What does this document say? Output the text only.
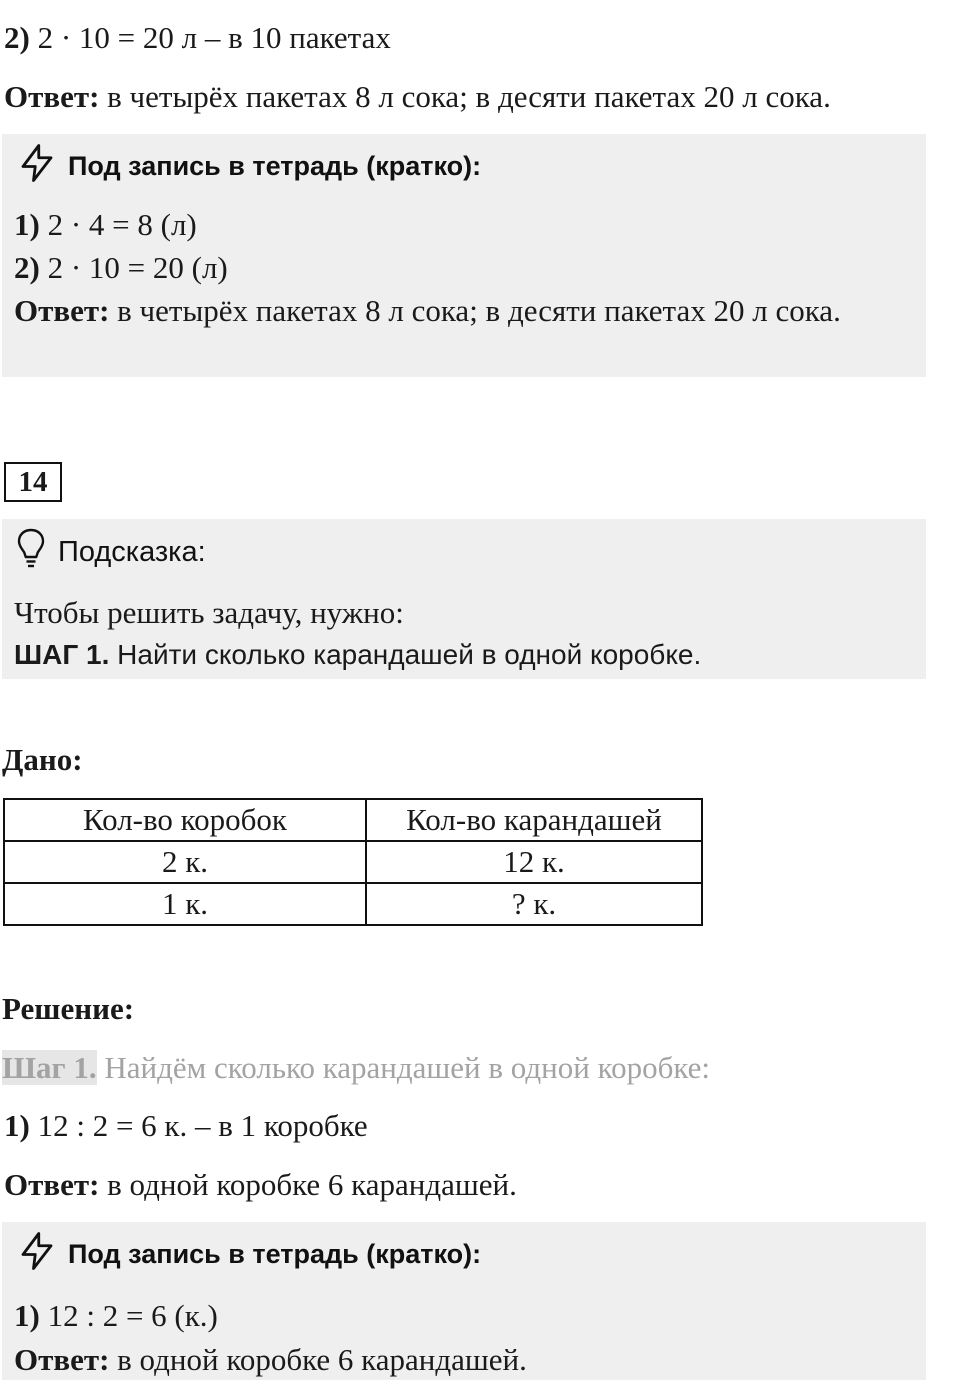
2) 2 · 10 = 20 л – в 10 пакетах
Ответ: в четырёх пакетах 8 л сока; в десяти пакетах 20 л сока.
Под запись в тетрадь (кратко):
1) 2 · 4 = 8 (л)
2) 2 · 10 = 20 (л)
Ответ: в четырёх пакетах 8 л сока; в десяти пакетах 20 л сока.
14
Подсказка:
Чтобы решить задачу, нужно:
ШАГ 1. Найти сколько карандашей в одной коробке.
Дано:
Кол-во коробок	Кол-во карандашей
2 к.	12 к.
1 к.	? к.
Решение:
Шаг 1. Найдём сколько карандашей в одной коробке:
1) 12 : 2 = 6 к. – в 1 коробке
Ответ: в одной коробке 6 карандашей.
Под запись в тетрадь (кратко):
1) 12 : 2 = 6 (к.)
Ответ: в одной коробке 6 карандашей.
